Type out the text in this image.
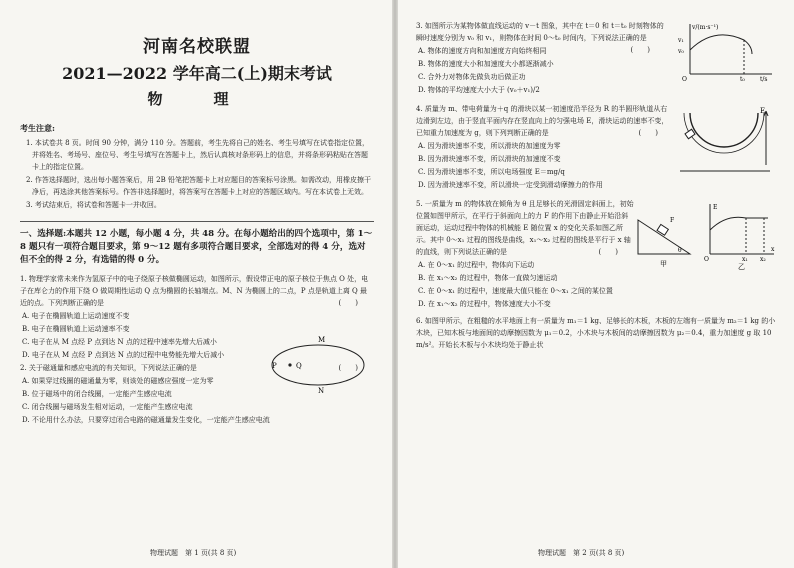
河南名校联盟
2021—2022 学年高二(上)期末考试
物　理
考生注意:
1. 本试卷共 8 页。时间 90 分钟，满分 110 分。答题前，考生先将自己的姓名、考生号填写在试卷指定位置，并将姓名、考场号、座位号、考生号填写在答题卡上，然后认真核对条形码上的信息，并将条形码粘贴在答题卡上的指定位置。
2. 作答选择题时，选出每小题答案后，用 2B 铅笔把答题卡上对应题目的答案标号涂黑。如需改动，用橡皮擦干净后，再选涂其他答案标号。作答非选择题时，将答案写在答题卡上对应的答题区域内。写在本试卷上无效。
3. 考试结束后，将试卷和答题卡一并收回。
一、选择题:本题共 12 小题，每小题 4 分，共 48 分。在每小题给出的四个选项中，第 1～8 题只有一项符合题目要求，第 9～12 题有多项符合题目要求，全部选对的得 4 分，选对但不全的得 2 分，有选错的得 0 分。
1. 物理学家常未来作为氢原子中的电子绕原子核做椭圆运动，如图所示，假设带正电的原子核位于焦点 O 处，电子在库仑力的作用下绕 O 做周期性运动 Q 点为椭圆的长轴端点。M、N 为椭圆上的二点，P 点是轨道上离 Q 最近的点。下列判断正确的是	(　　)
A. 电子在椭圆轨道上运动速度不变
B. 电子在椭圆轨道上运动速率不变
C. 电子在从 M 点经 P 点到达 N 点的过程中速率先增大后减小
D. 电子在从 M 点经 P 点到达 N 点的过程中电势能先增大后减小
P	Q
M
N
2. 关于磁通量和感应电流的有关知识，下列说法正确的是	(　　)
A. 如果穿过线圈的磁通量为零，则该处的磁感应强度一定为零
B. 位于磁场中的闭合线圈，一定能产生感应电流
C. 闭合线圈与磁场发生相对运动，一定能产生感应电流
D. 不论用什么办法，只要穿过闭合电路的磁通量发生变化，一定能产生感应电流
物理试题　第 1 页(共 8 页)
3. 如图所示为某物体做直线运动的 v－t 图象，其中在 t＝0 和 t＝t₀ 时刻物体的瞬时速度分别为 v₀ 和 v₁，则物体在时间 0～t₀ 时间内，下列说法正确的是
(　　)
A. 物体的速度方向和加速度方向始终相同
B. 物体的速度大小和加速度大小都逐渐减小
C. 合外力对物体先做负功后做正功
D. 物体的平均速度大小大于 (v₀＋v₁)/2
v/(m·s⁻¹)
v₁
v₀
O	t₀	t/s
4. 质量为 m、带电荷量为＋q 的滑块以某一初速度沿半径为 R 的半圆形轨道从右边滑到左边，由于竖直平面内存在竖直向上的匀强电场 E，滑块运动的速率不变，已知重力加速度为 g，则下列判断正确的是	(　　)
A. 因为滑块速率不变，所以滑块的加速度为零
B. 因为滑块速率不变，所以滑块的加速度不变
C. 因为滑块速率不变，所以电场强度 E＝mg/q
D. 因为滑块速率不变，所以滑块一定受到滑动摩擦力的作用
E
5. 一质量为 m 的物体放在倾角为 θ 且足够长的光滑固定斜面上，初始位置如图甲所示，在平行于斜面向上的力 F 的作用下由静止开始沿斜面运动，运动过程中物体的机械能 E 随位置 x 的变化关系如图乙所示。其中 0～x₁ 过程的图线是曲线，x₁～x₂ 过程的图线是平行于 x 轴的直线，则下列说法正确的是	(　　)
A. 在 0～x₁ 的过程中，物体向下运动
B. 在 x₁～x₂ 的过程中，物体一直做匀速运动
C. 在 0～x₁ 的过程中，速度最大值只能在 0～x₁ 之间的某位置
D. 在 x₁～x₂ 的过程中，物体速度大小不变
F
θ
甲
E
O	x₁ x₂
x
乙
6. 如图甲所示，在粗糙的水平地面上有一质量为 m₁＝1 kg、足够长的木板，木板的左端有一质量为 m₂＝1 kg 的小木块，已知木板与地面间的动摩擦因数为 μ₁＝0.2，小木块与木板间的动摩擦因数为 μ₂＝0.4，重力加速度 g 取 10 m/s²。开始长木板与小木块均处于静止状
物理试题　第 2 页(共 8 页)
